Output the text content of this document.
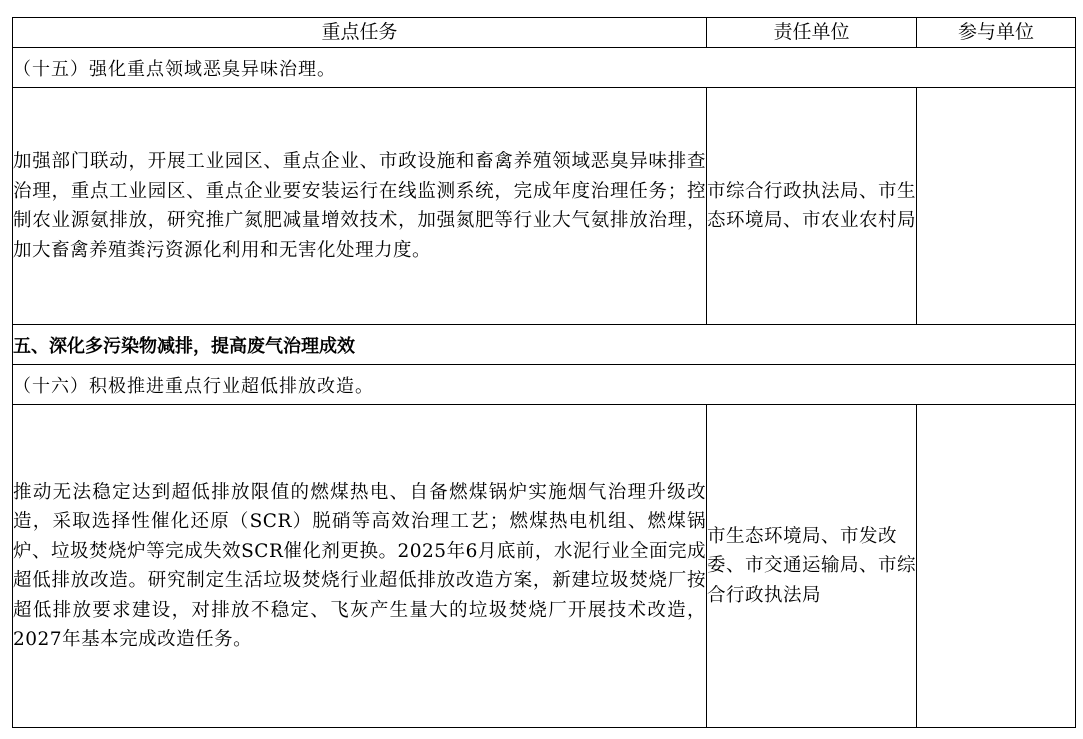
重点任务	责任单位	参与单位
（十五）强化重点领域恶臭异味治理。		
加强部门联动，开展工业园区、重点企业、市政设施和畜禽养殖领域恶臭异味排查治理，重点工业园区、重点企业要安装运行在线监测系统，完成年度治理任务；控制农业源氨排放，研究推广氮肥减量增效技术，加强氮肥等行业大气氨排放治理，加大畜禽养殖粪污资源化利用和无害化处理力度。	市综合行政执法局、市生态环境局、市农业农村局	
五、深化多污染物减排，提高废气治理成效		
（十六）积极推进重点行业超低排放改造。		
推动无法稳定达到超低排放限值的燃煤热电、自备燃煤锅炉实施烟气治理升级改造，采取选择性催化还原（SCR）脱硝等高效治理工艺；燃煤热电机组、燃煤锅炉、垃圾焚烧炉等完成失效SCR催化剂更换。2025年6月底前，水泥行业全面完成超低排放改造。研究制定生活垃圾焚烧行业超低排放改造方案，新建垃圾焚烧厂按超低排放要求建设，对排放不稳定、飞灰产生量大的垃圾焚烧厂开展技术改造，2027年基本完成改造任务。	市生态环境局、市发改委、市交通运输局、市综合行政执法局	
